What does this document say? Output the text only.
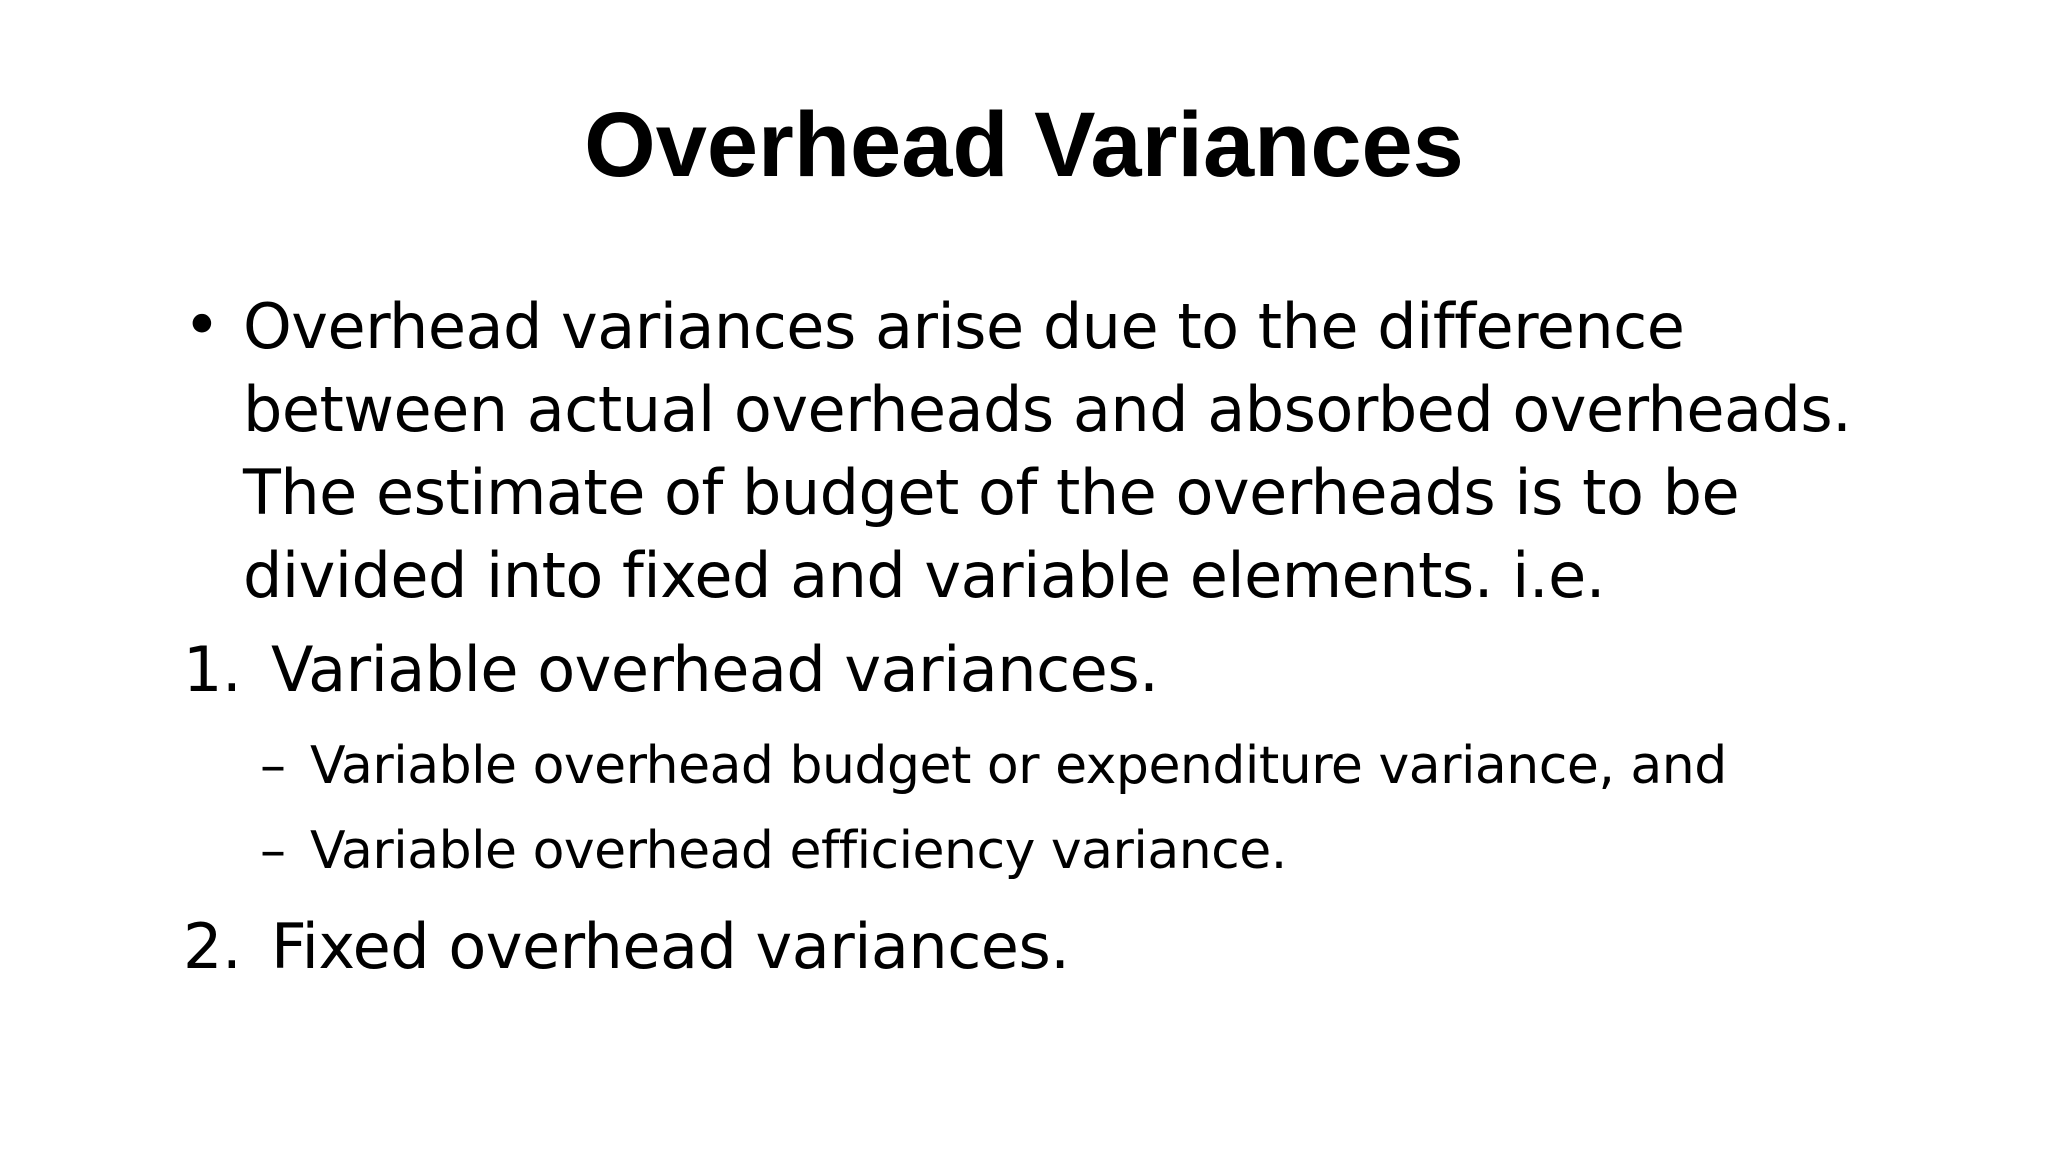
Overhead Variances
• Overhead variances arise due to the difference
between actual overheads and absorbed overheads.
The estimate of budget of the overheads is to be
divided into fixed and variable elements. i.e.
1. Variable overhead variances.
– Variable overhead budget or expenditure variance, and
– Variable overhead efficiency variance.
2. Fixed overhead variances.
